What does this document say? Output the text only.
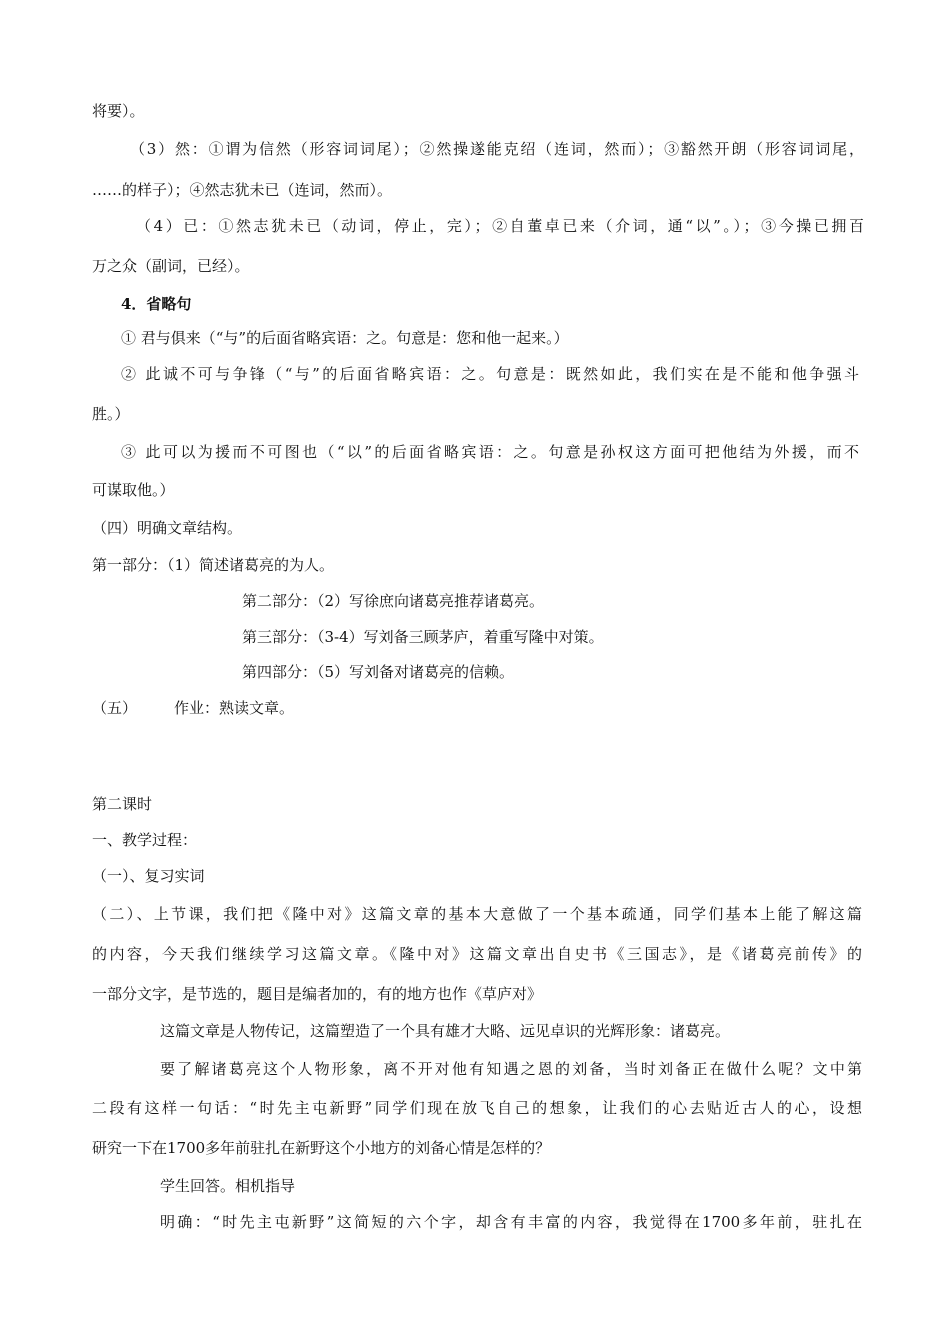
将要）。
（3）然：①谓为信然（形容词词尾）；②然操遂能克绍（连词，然而）；③豁然开朗（形容词词尾，
……的样子）；④然志犹未已（连词，然而）。
（4）已：①然志犹未已（动词，停止，完）；②自董卓已来（介词，通“以”。）；③今操已拥百
万之众（副词，已经）。
4．省略句
① 君与俱来（“与”的后面省略宾语：之。句意是：您和他一起来。）
② 此诚不可与争锋（“与”的后面省略宾语：之。句意是：既然如此，我们实在是不能和他争强斗
胜。）
③ 此可以为援而不可图也（“以”的后面省略宾语：之。句意是孙权这方面可把他结为外援，而不
可谋取他。）
（四）明确文章结构。
第一部分：（1）简述诸葛亮的为人。
第二部分：（2）写徐庶向诸葛亮推荐诸葛亮。
第三部分：（3-4）写刘备三顾茅庐，着重写隆中对策。
第四部分：（5）写刘备对诸葛亮的信赖。
（五） 作业：熟读文章。
第二课时
一、教学过程：
（一）、复习实词
（二）、上节课，我们把《隆中对》这篇文章的基本大意做了一个基本疏通，同学们基本上能了解这篇
的内容，今天我们继续学习这篇文章。《隆中对》这篇文章出自史书《三国志》，是《诸葛亮前传》的
一部分文字，是节选的，题目是编者加的，有的地方也作《草庐对》
这篇文章是人物传记，这篇塑造了一个具有雄才大略、远见卓识的光辉形象：诸葛亮。
要了解诸葛亮这个人物形象，离不开对他有知遇之恩的刘备，当时刘备正在做什么呢？文中第
二段有这样一句话：“时先主屯新野”同学们现在放飞自己的想象，让我们的心去贴近古人的心，设想
研究一下在1700多年前驻扎在新野这个小地方的刘备心情是怎样的？
学生回答。相机指导
明确：“时先主屯新野”这简短的六个字，却含有丰富的内容，我觉得在1700多年前，驻扎在
